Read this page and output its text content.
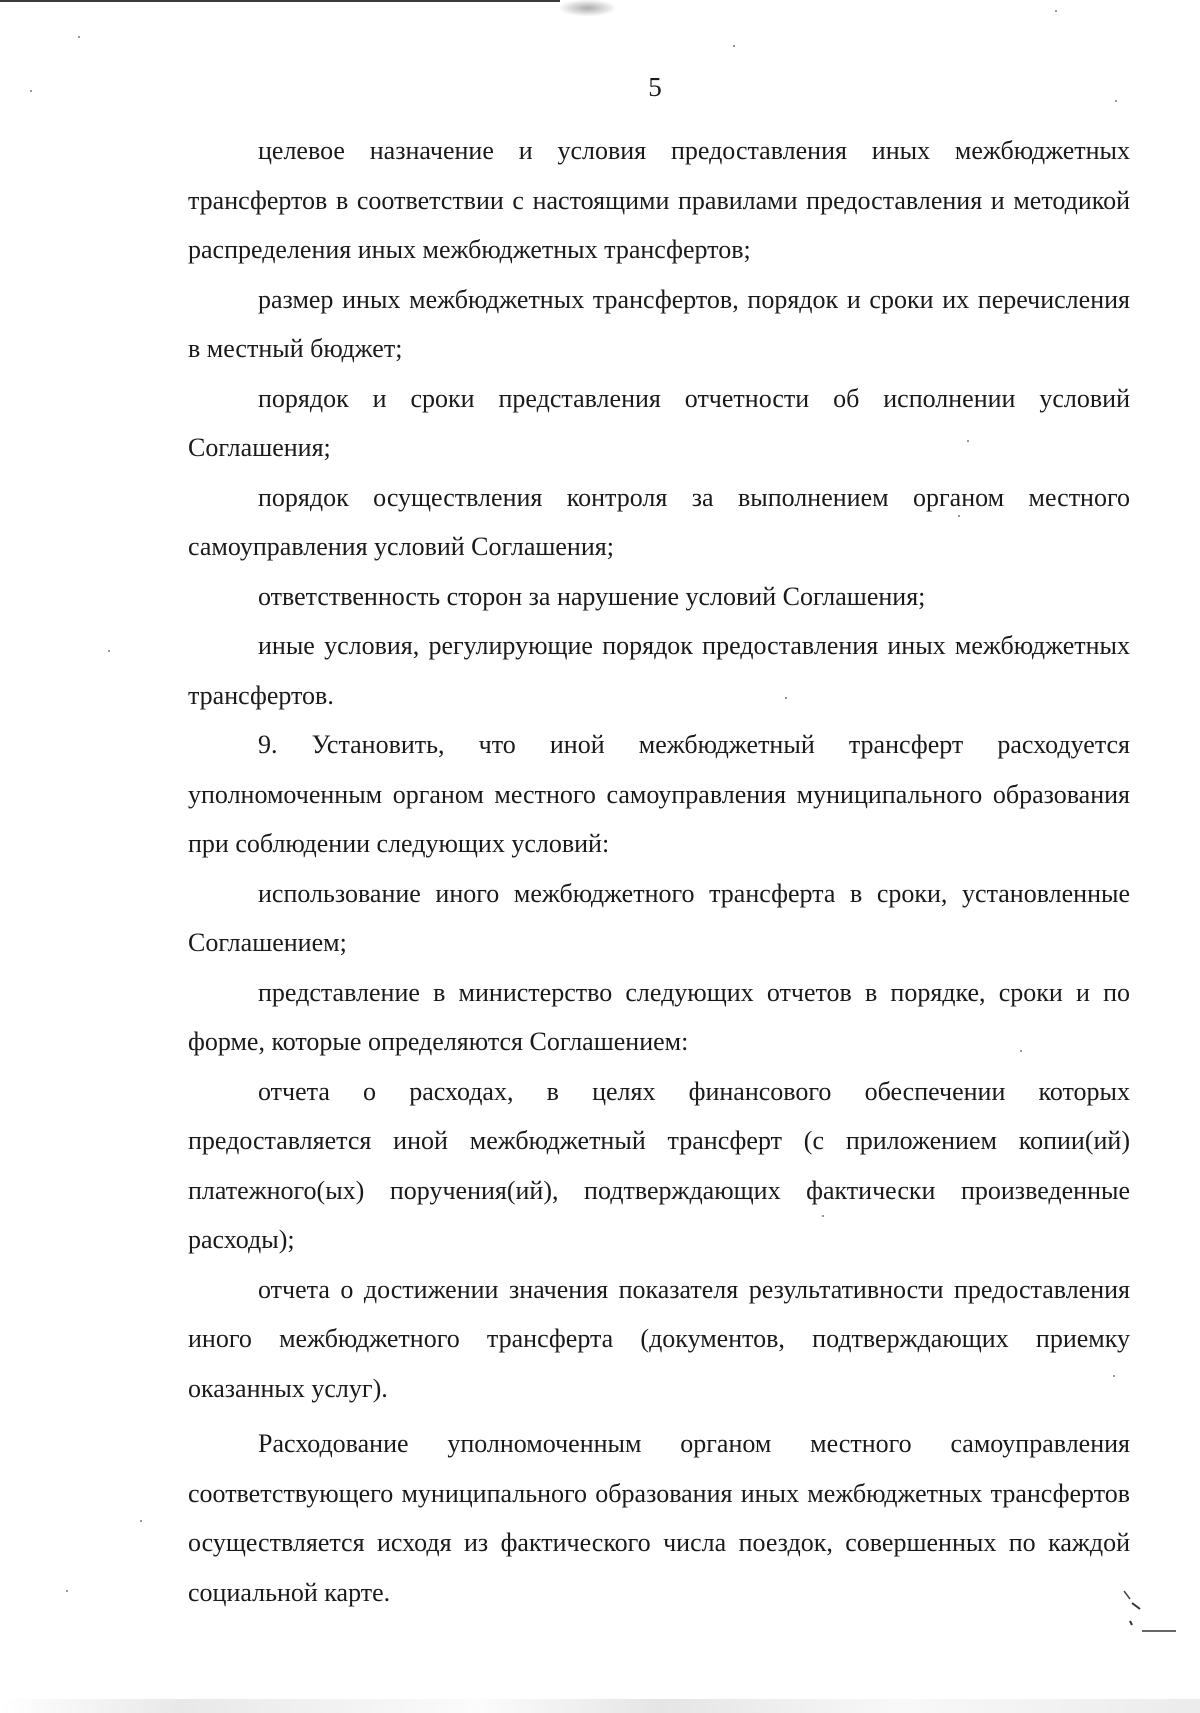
5

целевое назначение и условия предоставления иных межбюджетных трансфертов в соответствии с настоящими правилами предоставления и методикой распределения иных межбюджетных трансфертов;

размер иных межбюджетных трансфертов, порядок и сроки их перечисления в местный бюджет;

порядок и сроки представления отчетности об исполнении условий Соглашения;

порядок осуществления контроля за выполнением органом местного самоуправления условий Соглашения;

ответственность сторон за нарушение условий Соглашения;

иные условия, регулирующие порядок предоставления иных межбюджетных трансфертов.

9. Установить, что иной межбюджетный трансферт расходуется уполномоченным органом местного самоуправления муниципального образования при соблюдении следующих условий:

использование иного межбюджетного трансферта в сроки, установленные Соглашением;

представление в министерство следующих отчетов в порядке, сроки и по форме, которые определяются Соглашением:

отчета о расходах, в целях финансового обеспечении которых предоставляется иной межбюджетный трансферт (с приложением копии(ий) платежного(ых) поручения(ий), подтверждающих фактически произведенные расходы);

отчета о достижении значения показателя результативности предоставления иного межбюджетного трансферта (документов, подтверждающих приемку оказанных услуг).

Расходование уполномоченным органом местного самоуправления соответствующего муниципального образования иных межбюджетных трансфертов осуществляется исходя из фактического числа поездок, совершенных по каждой социальной карте.
